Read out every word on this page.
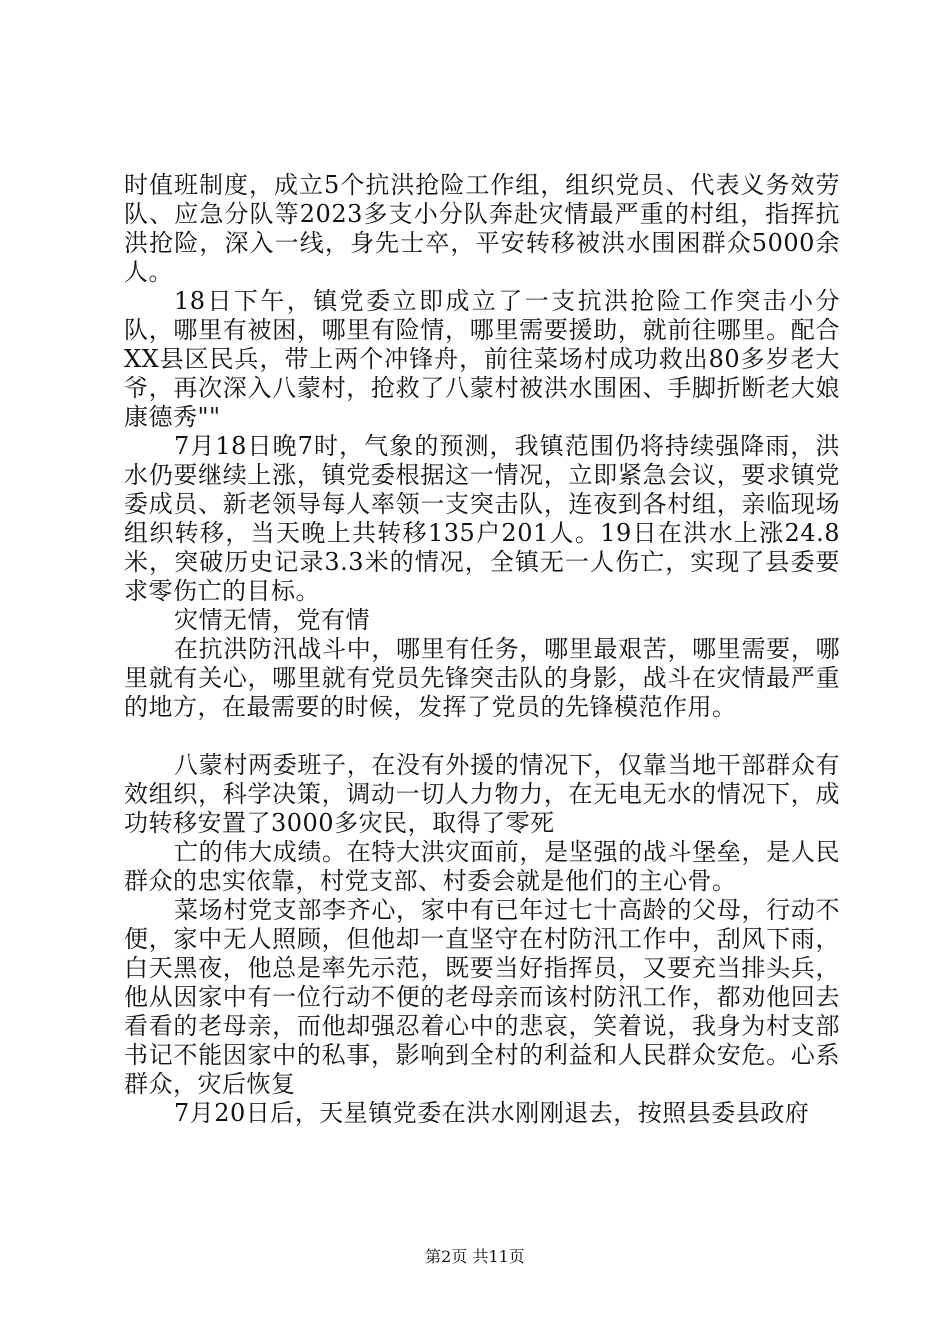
时值班制度，成立5个抗洪抢险工作组，组织党员、代表义务效劳队、应急分队等2023多支小分队奔赴灾情最严重的村组，指挥抗洪抢险，深入一线，身先士卒，平安转移被洪水围困群众5000余人。

18日下午，镇党委立即成立了一支抗洪抢险工作突击小分队，哪里有被困，哪里有险情，哪里需要援助，就前往哪里。配合XX县区民兵，带上两个冲锋舟，前往菜场村成功救出80多岁老大爷，再次深入八蒙村，抢救了八蒙村被洪水围困、手脚折断老大娘康德秀""

7月18日晚7时，气象的预测，我镇范围仍将持续强降雨，洪水仍要继续上涨，镇党委根据这一情况，立即紧急会议，要求镇党委成员、新老领导每人率领一支突击队，连夜到各村组，亲临现场组织转移，当天晚上共转移135户201人。19日在洪水上涨24.8米，突破历史记录3.3米的情况，全镇无一人伤亡，实现了县委要求零伤亡的目标。

灾情无情，党有情

在抗洪防汛战斗中，哪里有任务，哪里最艰苦，哪里需要，哪里就有关心，哪里就有党员先锋突击队的身影，战斗在灾情最严重的地方，在最需要的时候，发挥了党员的先锋模范作用。

八蒙村两委班子，在没有外援的情况下，仅靠当地干部群众有效组织，科学决策，调动一切人力物力，在无电无水的情况下，成功转移安置了3000多灾民，取得了零死

亡的伟大成绩。在特大洪灾面前，是坚强的战斗堡垒，是人民群众的忠实依靠，村党支部、村委会就是他们的主心骨。

菜场村党支部李齐心，家中有已年过七十高龄的父母，行动不便，家中无人照顾，但他却一直坚守在村防汛工作中，刮风下雨，白天黑夜，他总是率先示范，既要当好指挥员，又要充当排头兵，他从因家中有一位行动不便的老母亲而该村防汛工作，都劝他回去看看的老母亲，而他却强忍着心中的悲哀，笑着说，我身为村支部书记不能因家中的私事，影响到全村的利益和人民群众安危。心系群众，灾后恢复

7月20日后，天星镇党委在洪水刚刚退去，按照县委县政府

第2页 共11页
